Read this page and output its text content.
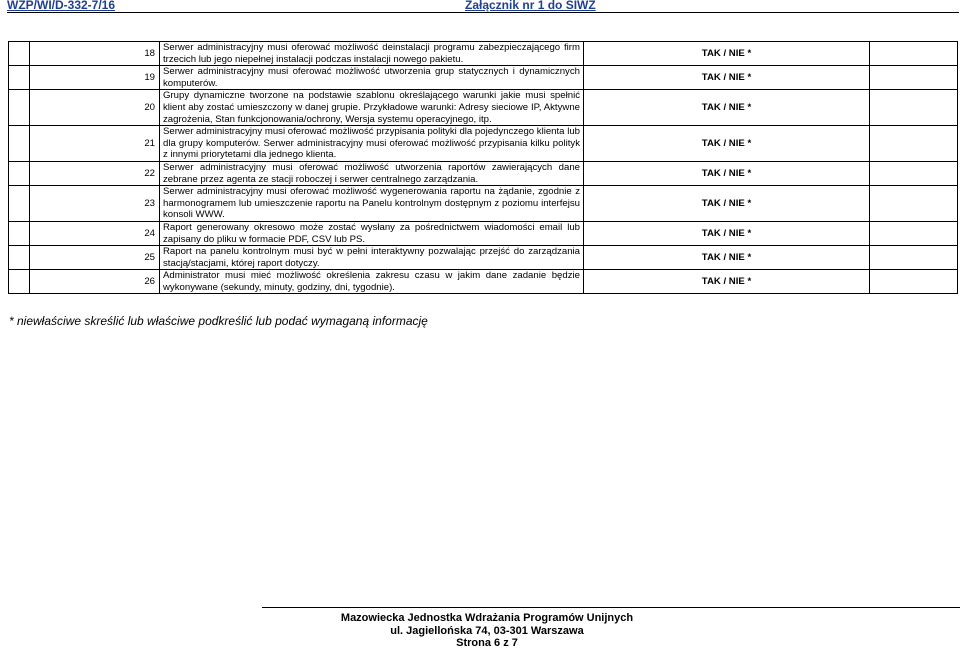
WZP/WI/D-332-7/16	Załącznik nr 1 do SIWZ
	18	Serwer administracyjny musi oferować możliwość deinstalacji programu zabezpieczającego firm trzecich lub jego niepełnej instalacji podczas instalacji nowego pakietu.	TAK / NIE *	
	19	Serwer administracyjny musi oferować możliwość utworzenia grup statycznych i dynamicznych komputerów.	TAK / NIE *	
	20	Grupy dynamiczne tworzone na podstawie szablonu określającego warunki jakie musi spełnić klient aby zostać umieszczony w danej grupie. Przykładowe warunki: Adresy sieciowe IP, Aktywne zagrożenia, Stan funkcjonowania/ochrony, Wersja systemu operacyjnego, itp.	TAK / NIE *	
	21	Serwer administracyjny musi oferować możliwość przypisania polityki dla pojedynczego klienta lub dla grupy komputerów. Serwer administracyjny musi oferować możliwość przypisania kilku polityk z innymi priorytetami dla jednego klienta.	TAK / NIE *	
	22	Serwer administracyjny musi oferować możliwość utworzenia raportów zawierających dane zebrane przez agenta ze stacji roboczej i serwer centralnego zarządzania.	TAK / NIE *	
	23	Serwer administracyjny musi oferować możliwość wygenerowania raportu na żądanie, zgodnie z harmonogramem lub umieszczenie raportu na Panelu kontrolnym dostępnym z poziomu interfejsu konsoli WWW.	TAK / NIE *	
	24	Raport generowany okresowo może zostać wysłany za pośrednictwem wiadomości email lub zapisany do pliku w formacie PDF, CSV lub PS.	TAK / NIE *	
	25	Raport na panelu kontrolnym musi być w pełni interaktywny pozwalając przejść do zarządzania stacją/stacjami, której raport dotyczy.	TAK / NIE *	
	26	Administrator musi mieć możliwość określenia zakresu czasu w jakim dane zadanie będzie wykonywane (sekundy, minuty, godziny, dni, tygodnie).	TAK / NIE *	
* niewłaściwe skreślić lub właściwe podkreślić lub podać wymaganą informację
Mazowiecka Jednostka Wdrażania Programów Unijnych
ul. Jagiellońska 74, 03-301 Warszawa
Strona 6 z 7
